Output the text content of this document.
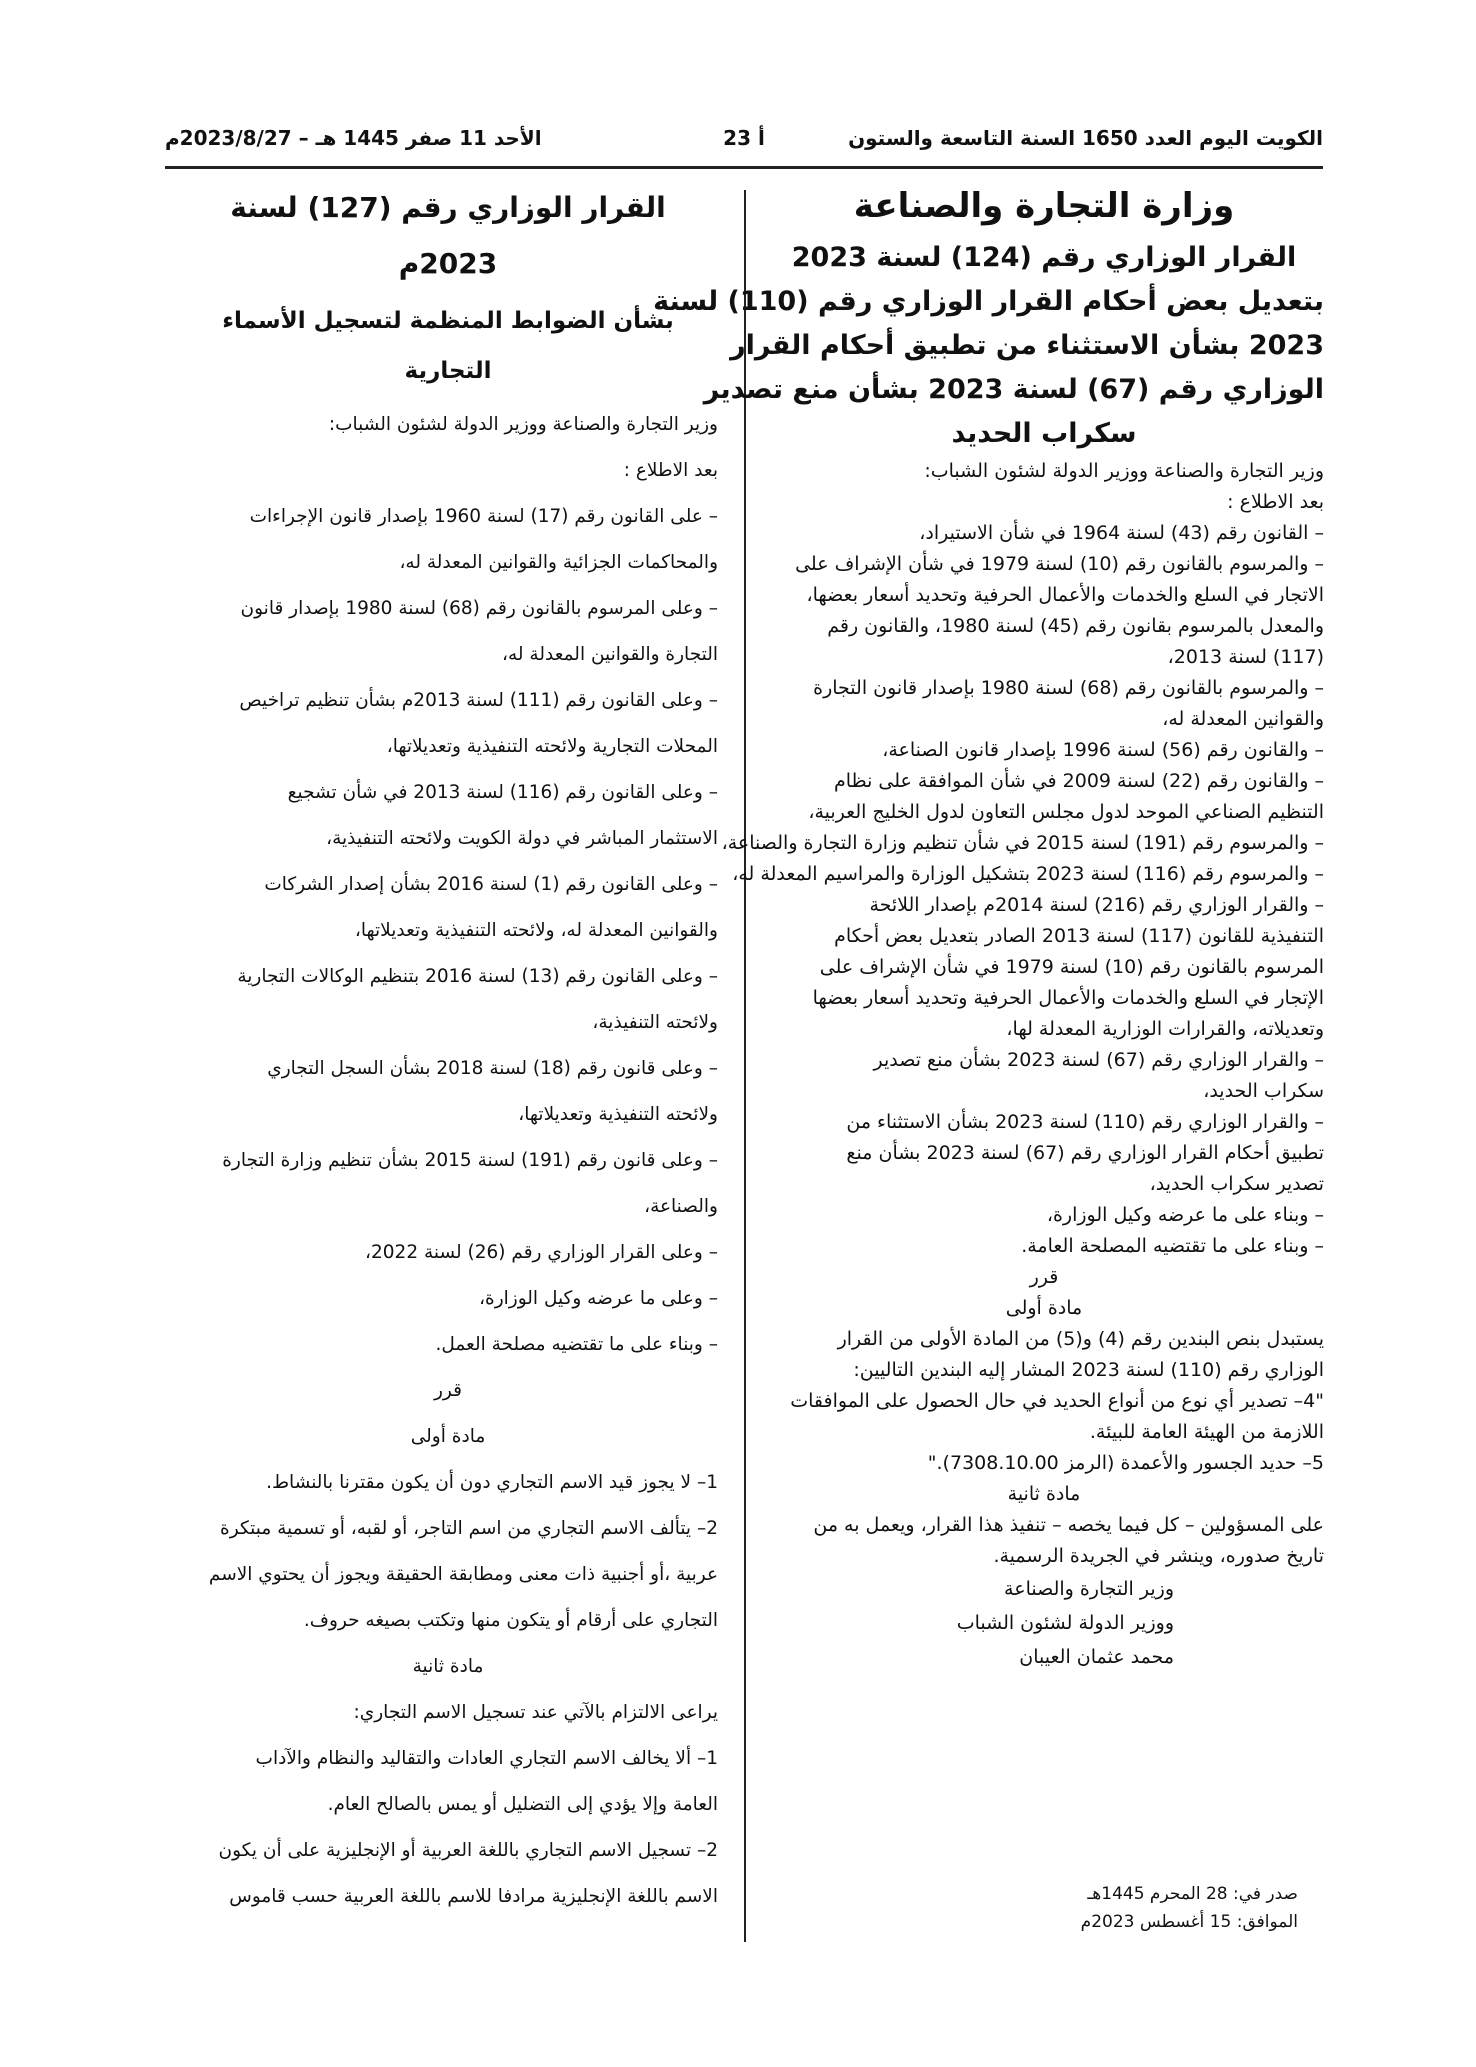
الكويت اليوم العدد 1650 السنة التاسعة والستون
أ 23
الأحد 11 صفر 1445 هـ – 2023/8/27م
وزارة التجارة والصناعة

القرار الوزاري رقم (124) لسنة 2023

بتعديل بعض أحكام القرار الوزاري رقم (110) لسنة

2023 بشأن الاستثناء من تطبيق أحكام القرار

الوزاري رقم (67) لسنة 2023 بشأن منع تصدير

سكراب الحديد

وزير التجارة والصناعة ووزير الدولة لشئون الشباب:

بعد الاطلاع :

– القانون رقم (43) لسنة 1964 في شأن الاستيراد،

– والمرسوم بالقانون رقم (10) لسنة 1979 في شأن الإشراف على

الاتجار في السلع والخدمات والأعمال الحرفية وتحديد أسعار بعضها،

والمعدل بالمرسوم بقانون رقم (45) لسنة 1980، والقانون رقم

(117) لسنة 2013،

– والمرسوم بالقانون رقم (68) لسنة 1980 بإصدار قانون التجارة

والقوانين المعدلة له،

– والقانون رقم (56) لسنة 1996 بإصدار قانون الصناعة،

– والقانون رقم (22) لسنة 2009 في شأن الموافقة على نظام

التنظيم الصناعي الموحد لدول مجلس التعاون لدول الخليج العربية،

– والمرسوم رقم (191) لسنة 2015 في شأن تنظيم وزارة التجارة والصناعة،

– والمرسوم رقم (116) لسنة 2023 بتشكيل الوزارة والمراسيم المعدلة له،

– والقرار الوزاري رقم (216) لسنة 2014م بإصدار اللائحة

التنفيذية للقانون (117) لسنة 2013 الصادر بتعديل بعض أحكام

المرسوم بالقانون رقم (10) لسنة 1979 في شأن الإشراف على

الإتجار في السلع والخدمات والأعمال الحرفية وتحديد أسعار بعضها

وتعديلاته، والقرارات الوزارية المعدلة لها،

– والقرار الوزاري رقم (67) لسنة 2023 بشأن منع تصدير

سكراب الحديد،

– والقرار الوزاري رقم (110) لسنة 2023 بشأن الاستثناء من

تطبيق أحكام القرار الوزاري رقم (67) لسنة 2023 بشأن منع

تصدير سكراب الحديد،

– وبناء على ما عرضه وكيل الوزارة،

– وبناء على ما تقتضيه المصلحة العامة.

قرر

مادة أولى

يستبدل بنص البندين رقم (4) و(5) من المادة الأولى من القرار

الوزاري رقم (110) لسنة 2023 المشار إليه البندين التاليين:

"4– تصدير أي نوع من أنواع الحديد في حال الحصول على الموافقات

اللازمة من الهيئة العامة للبيئة.

5– حديد الجسور والأعمدة (الرمز 7308.10.00)."

مادة ثانية

على المسؤولين – كل فيما يخصه – تنفيذ هذا القرار، ويعمل به من

تاريخ صدوره، وينشر في الجريدة الرسمية.

وزير التجارة والصناعة

ووزير الدولة لشئون الشباب

محمد عثمان العيبان

صدر في: 28 المحرم 1445هـ

الموافق: 15 أغسطس 2023م

القرار الوزاري رقم (127) لسنة 2023م
بشأن الضوابط المنظمة لتسجيل الأسماء التجارية

وزير التجارة والصناعة ووزير الدولة لشئون الشباب:

بعد الاطلاع :

– على القانون رقم (17) لسنة 1960 بإصدار قانون الإجراءات

والمحاكمات الجزائية والقوانين المعدلة له،

– وعلى المرسوم بالقانون رقم (68) لسنة 1980 بإصدار قانون

التجارة والقوانين المعدلة له،

– وعلى القانون رقم (111) لسنة 2013م بشأن تنظيم تراخيص

المحلات التجارية ولائحته التنفيذية وتعديلاتها،

– وعلى القانون رقم (116) لسنة 2013 في شأن تشجيع

الاستثمار المباشر في دولة الكويت ولائحته التنفيذية،

– وعلى القانون رقم (1) لسنة 2016 بشأن إصدار الشركات

والقوانين المعدلة له، ولائحته التنفيذية وتعديلاتها،

– وعلى القانون رقم (13) لسنة 2016 بتنظيم الوكالات التجارية

ولائحته التنفيذية،

– وعلى قانون رقم (18) لسنة 2018 بشأن السجل التجاري

ولائحته التنفيذية وتعديلاتها،

– وعلى قانون رقم (191) لسنة 2015 بشأن تنظيم وزارة التجارة

والصناعة،

– وعلى القرار الوزاري رقم (26) لسنة 2022،

– وعلى ما عرضه وكيل الوزارة،

– وبناء على ما تقتضيه مصلحة العمل.

قرر

مادة أولى

1– لا يجوز قيد الاسم التجاري دون أن يكون مقترنا بالنشاط.

2– يتألف الاسم التجاري من اسم التاجر، أو لقبه، أو تسمية مبتكرة

عربية ،أو أجنبية ذات معنى ومطابقة الحقيقة ويجوز أن يحتوي الاسم

التجاري على أرقام أو يتكون منها وتكتب بصيغه حروف.

مادة ثانية

يراعى الالتزام بالآتي عند تسجيل الاسم التجاري:

1– ألا يخالف الاسم التجاري العادات والتقاليد والنظام والآداب

العامة وإلا يؤدي إلى التضليل أو يمس بالصالح العام.

2– تسجيل الاسم التجاري باللغة العربية أو الإنجليزية على أن يكون

الاسم باللغة الإنجليزية مرادفا للاسم باللغة العربية حسب قاموس
